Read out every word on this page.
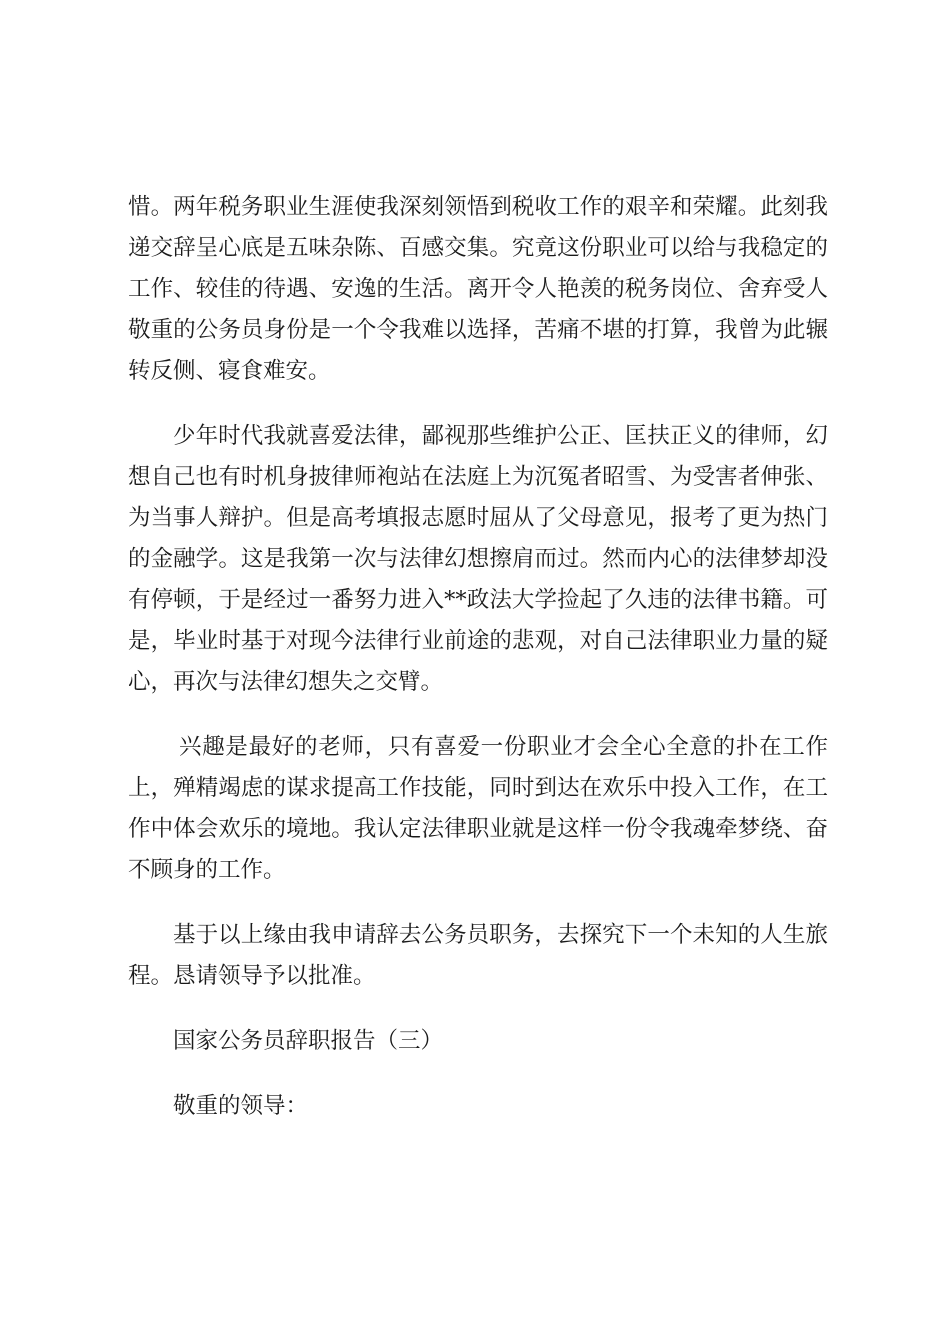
惜。两年税务职业生涯使我深刻领悟到税收工作的艰辛和荣耀。此刻我
递交辞呈心底是五味杂陈、百感交集。究竟这份职业可以给与我稳定的
工作、较佳的待遇、安逸的生活。离开令人艳羡的税务岗位、舍弃受人
敬重的公务员身份是一个令我难以选择，苦痛不堪的打算，我曾为此辗
转反侧、寝食难安。
少年时代我就喜爱法律，鄙视那些维护公正、匡扶正义的律师，幻
想自己也有时机身披律师袍站在法庭上为沉冤者昭雪、为受害者伸张、
为当事人辩护。但是高考填报志愿时屈从了父母意见，报考了更为热门
的金融学。这是我第一次与法律幻想擦肩而过。然而内心的法律梦却没
有停顿，于是经过一番努力进入**政法大学捡起了久违的法律书籍。可
是，毕业时基于对现今法律行业前途的悲观，对自己法律职业力量的疑
心，再次与法律幻想失之交臂。
兴趣是最好的老师，只有喜爱一份职业才会全心全意的扑在工作
上，殚精竭虑的谋求提高工作技能，同时到达在欢乐中投入工作，在工
作中体会欢乐的境地。我认定法律职业就是这样一份令我魂牵梦绕、奋
不顾身的工作。
基于以上缘由我申请辞去公务员职务，去探究下一个未知的人生旅
程。恳请领导予以批准。
国家公务员辞职报告（三）
敬重的领导：
